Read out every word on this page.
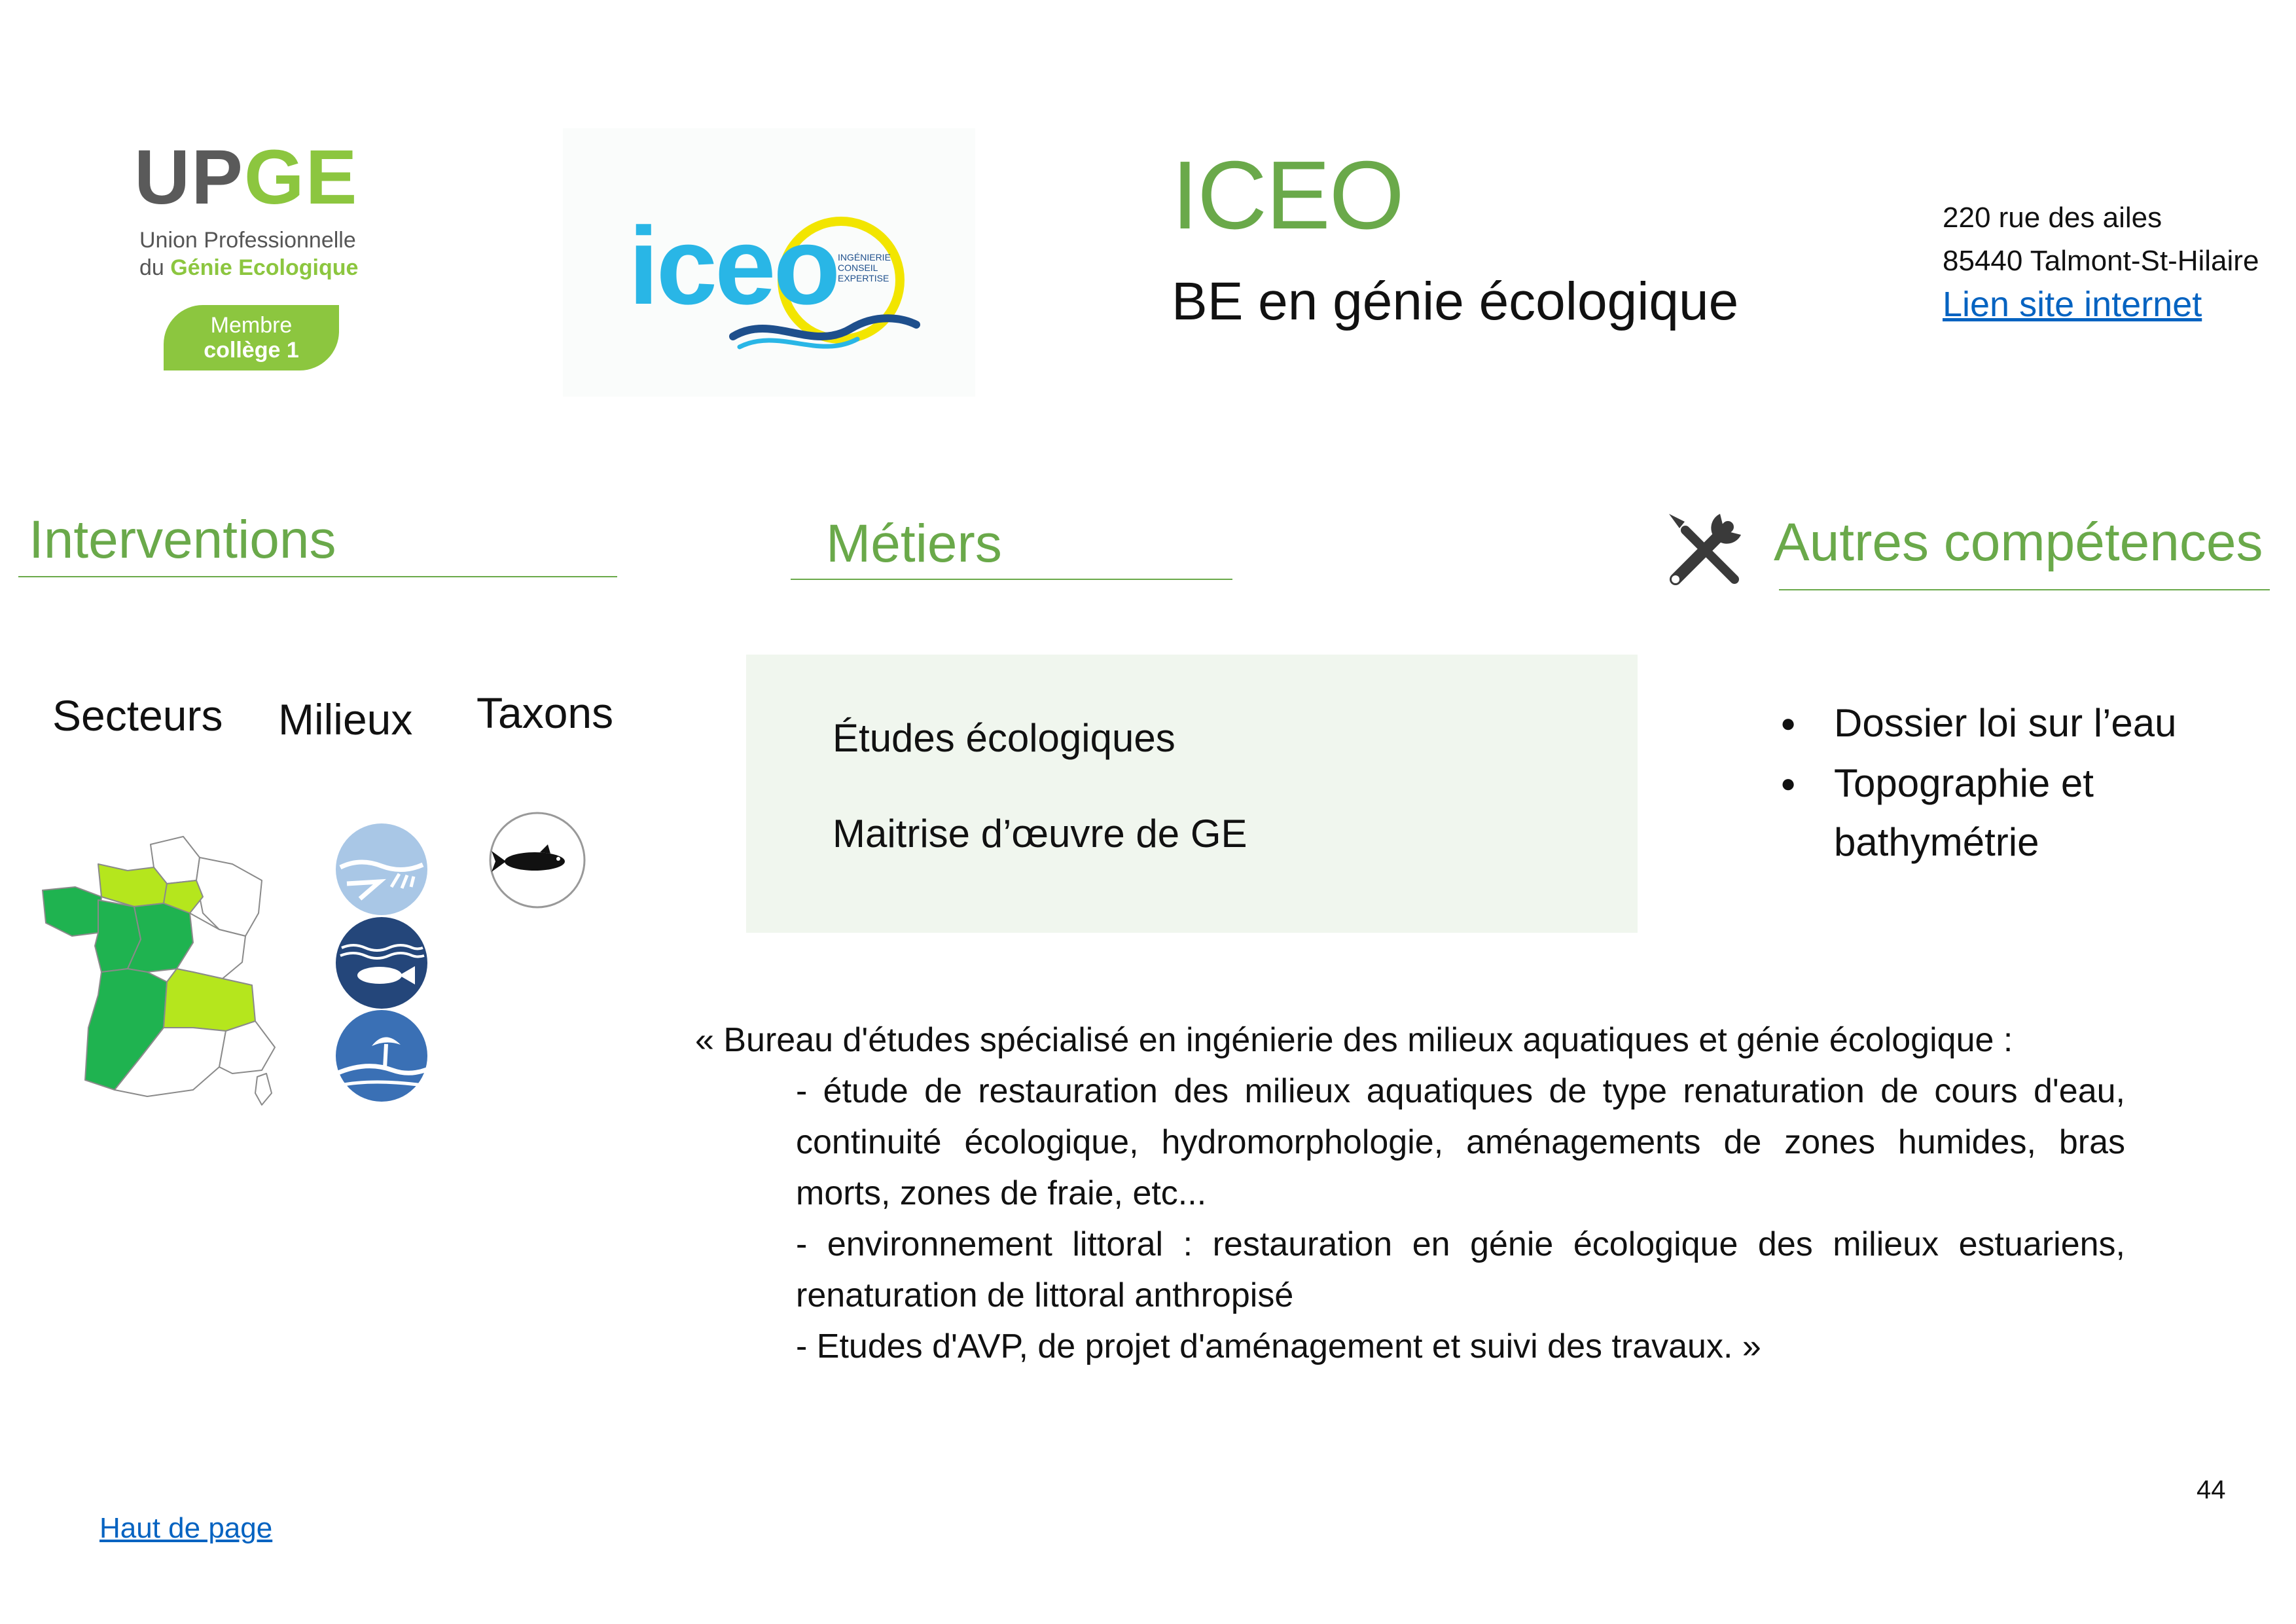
UPGE
Union Professionnelle
du Génie Ecologique
Membre
collège 1
iceo INGÉNIERIE
CONSEIL
EXPERTISE
ICEO
BE en génie écologique
220 rue des ailes
85440 Talmont-St-Hilaire
Lien site internet
Interventions
Secteurs Milieux Taxons
Métiers
Études écologiques
Maitrise d’œuvre de GE
Autres compétences
● Dossier loi sur l’eau
● Topographie et bathymétrie
« Bureau d'études spécialisé en ingénierie des milieux aquatiques et génie écologique :
- étude de restauration des milieux aquatiques de type renaturation de cours d'eau, continuité écologique, hydromorphologie, aménagements de zones humides, bras morts, zones de fraie, etc...
- environnement littoral : restauration en génie écologique des milieux estuariens, renaturation de littoral anthropisé
- Etudes d'AVP, de projet d'aménagement et suivi des travaux. »
44
Haut de page
